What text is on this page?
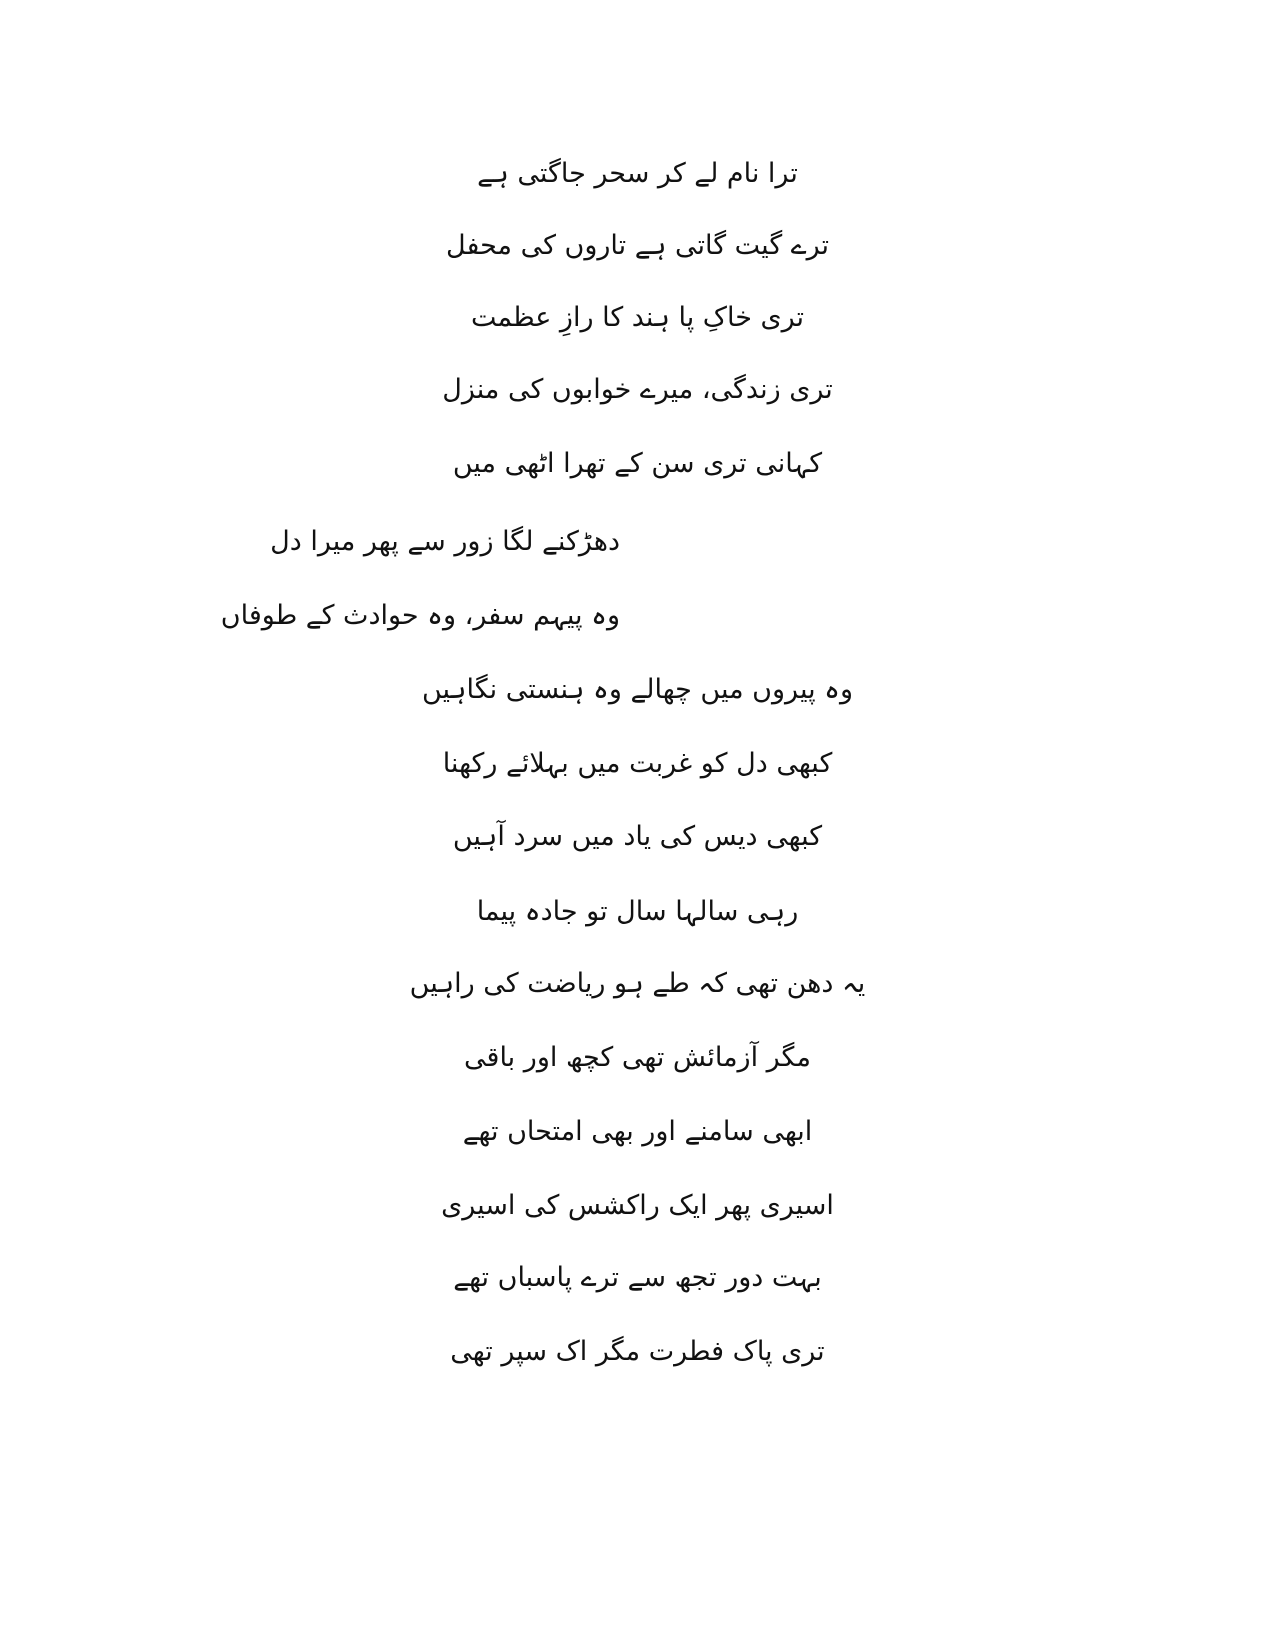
ترا نام لے کر سحر جاگتی ہے
ترے گیت گاتی ہے تاروں کی محفل
تری خاکِ پا ہند کا رازِ عظمت
تری زندگی، میرے خوابوں کی منزل
کہانی تری سن کے تھرا اٹھی میں
دھڑکنے لگا زور سے پھر میرا دل
وہ پیہم سفر، وہ حوادث کے طوفاں
وہ پیروں میں چھالے وہ ہنستی نگاہیں
کبھی دل کو غربت میں بہلائے رکھنا
کبھی دیس کی یاد میں سرد آہیں
رہی سالہا سال تو جادہ پیما
یہ دھن تھی کہ طے ہو ریاضت کی راہیں
مگر آزمائش تھی کچھ اور باقی
ابھی سامنے اور بھی امتحاں تھے
اسیری پھر ایک راکشس کی اسیری
بہت دور تجھ سے ترے پاسباں تھے
تری پاک فطرت مگر اک سپر تھی
